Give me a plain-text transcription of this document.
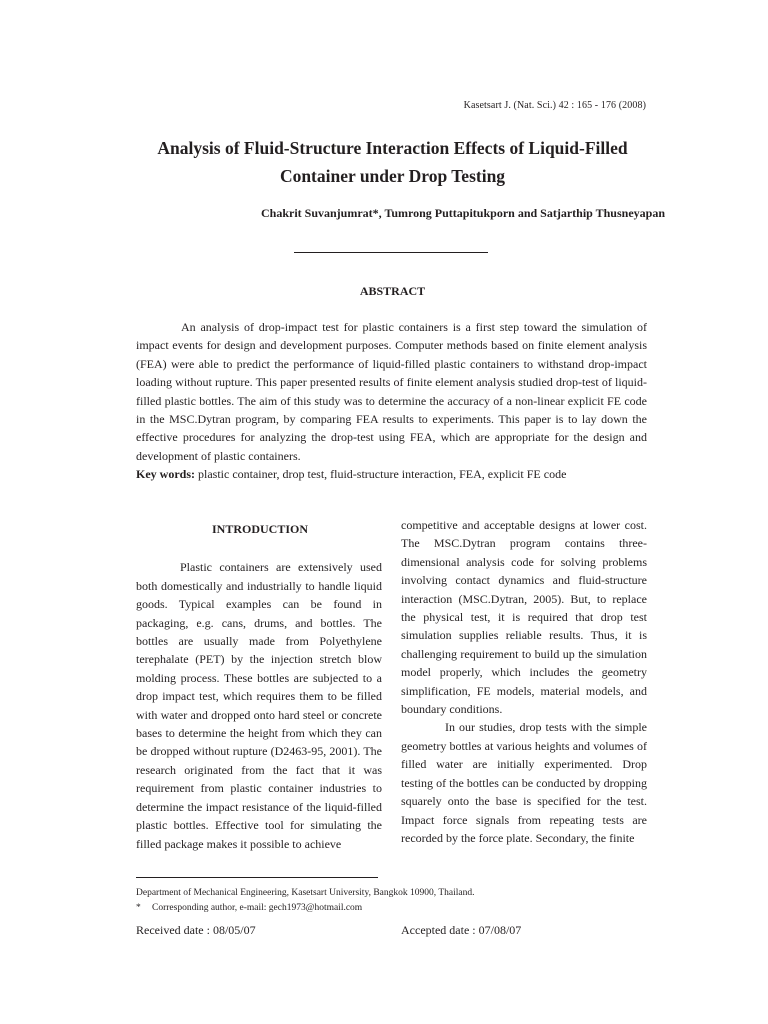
Kasetsart J. (Nat. Sci.) 42 : 165 - 176 (2008)
Analysis of Fluid-Structure Interaction Effects of Liquid-Filled Container under Drop Testing
Chakrit Suvanjumrat*, Tumrong Puttapitukporn and Satjarthip Thusneyapan
ABSTRACT

An analysis of drop-impact test for plastic containers is a first step toward the simulation of impact events for design and development purposes. Computer methods based on finite element analysis (FEA) were able to predict the performance of liquid-filled plastic containers to withstand drop-impact loading without rupture. This paper presented results of finite element analysis studied drop-test of liquid-filled plastic bottles. The aim of this study was to determine the accuracy of a non-linear explicit FE code in the MSC.Dytran program, by comparing FEA results to experiments. This paper is to lay down the effective procedures for analyzing the drop-test using FEA, which are appropriate for the design and development of plastic containers.

Key words: plastic container, drop test, fluid-structure interaction, FEA, explicit FE code

INTRODUCTION

Plastic containers are extensively used both domestically and industrially to handle liquid goods. Typical examples can be found in packaging, e.g. cans, drums, and bottles. The bottles are usually made from Polyethylene terephalate (PET) by the injection stretch blow molding process. These bottles are subjected to a drop impact test, which requires them to be filled with water and dropped onto hard steel or concrete bases to determine the height from which they can be dropped without rupture (D2463-95, 2001). The research originated from the fact that it was requirement from plastic container industries to determine the impact resistance of the liquid-filled plastic bottles. Effective tool for simulating the filled package makes it possible to achieve

competitive and acceptable designs at lower cost. The MSC.Dytran program contains three-dimensional analysis code for solving problems involving contact dynamics and fluid-structure interaction (MSC.Dytran, 2005). But, to replace the physical test, it is required that drop test simulation supplies reliable results. Thus, it is challenging requirement to build up the simulation model properly, which includes the geometry simplification, FE models, material models, and boundary conditions.

In our studies, drop tests with the simple geometry bottles at various heights and volumes of filled water are initially experimented. Drop testing of the bottles can be conducted by dropping squarely onto the base is specified for the test. Impact force signals from repeating tests are recorded by the force plate. Secondary, the finite

Department of Mechanical Engineering, Kasetsart University, Bangkok 10900, Thailand.
* Corresponding author, e-mail: gech1973@hotmail.com
Received date : 08/05/07	Accepted date : 07/08/07
